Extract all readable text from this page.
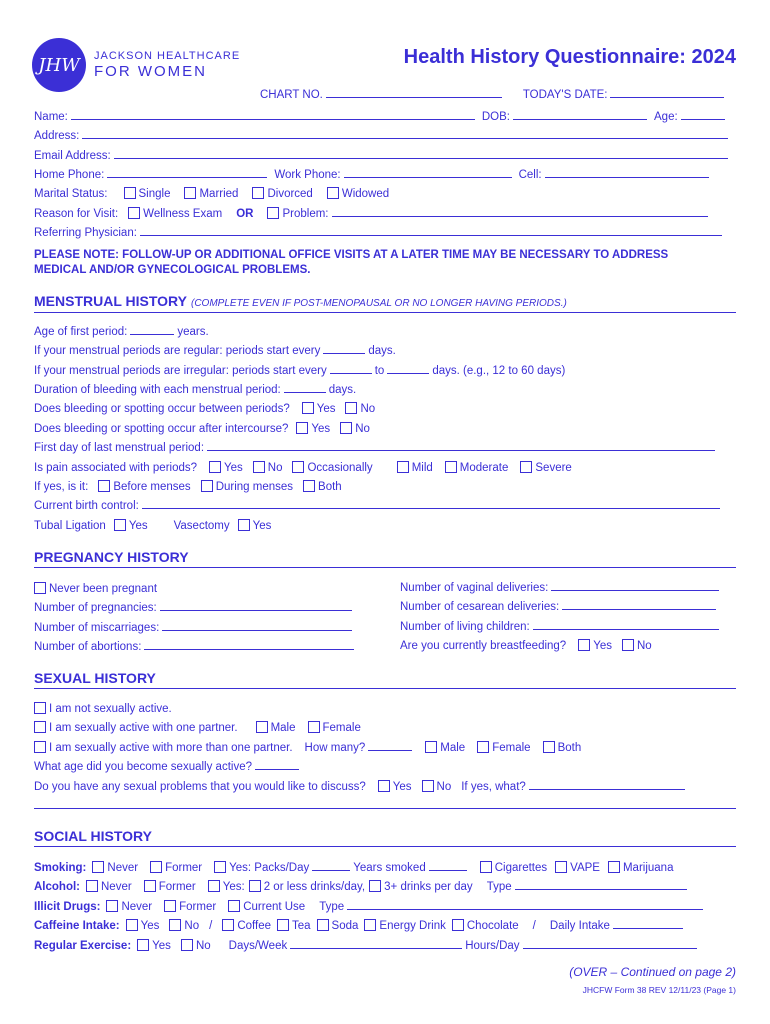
JHW JACKSON HEALTHCARE
FOR WOMEN
Health History Questionnaire: 2024
CHART NO.	TODAY'S DATE:
Name:	DOB:	Age:
Address:
Email Address:
Home Phone:	Work Phone:	Cell:
Marital Status:	Single	Married	Divorced	Widowed
Reason for Visit: Wellness Exam OR	Problem:
Referring Physician:
PLEASE NOTE: FOLLOW-UP OR ADDITIONAL OFFICE VISITS AT A LATER TIME MAY BE NECESSARY TO ADDRESS
MEDICAL AND/OR GYNECOLOGICAL PROBLEMS.
MENSTRUAL HISTORY (COMPLETE EVEN IF POST-MENOPAUSAL OR NO LONGER HAVING PERIODS.)
Age of first period:	years.
If your menstrual periods are regular: periods start every	days.
If your menstrual periods are irregular: periods start every	to	days. (e.g., 12 to 60 days)
Duration of bleeding with each menstrual period:	days.
Does bleeding or spotting occur between periods? Yes No
Does bleeding or spotting occur after intercourse? Yes No
First day of last menstrual period:
Is pain associated with periods? Yes No Occasionally	Mild Moderate Severe
If yes, is it: Before menses During menses Both
Current birth control:
Tubal Ligation Yes Vasectomy Yes
PREGNANCY HISTORY
Never been pregnant
Number of pregnancies:
Number of miscarriages:
Number of abortions:
Number of vaginal deliveries:
Number of cesarean deliveries:
Number of living children:
Are you currently breastfeeding? Yes No
SEXUAL HISTORY
I am not sexually active.
I am sexually active with one partner.	Male Female
I am sexually active with more than one partner. How many?	Male Female Both
What age did you become sexually active?
Do you have any sexual problems that you would like to discuss? Yes No If yes, what?
SOCIAL HISTORY
Smoking: Never Former Yes: Packs/Day	Years smoked	Cigarettes VAPE Marijuana
Alcohol: Never Former Yes: 2 or less drinks/day, 3+ drinks per day Type
Illicit Drugs: Never Former Current Use Type
Caffeine Intake: Yes No / Coffee Tea Soda Energy Drink Chocolate / Daily Intake
Regular Exercise: Yes No Days/Week	Hours/Day
(OVER – Continued on page 2)
JHCFW Form 38 REV 12/11/23 (Page 1)
